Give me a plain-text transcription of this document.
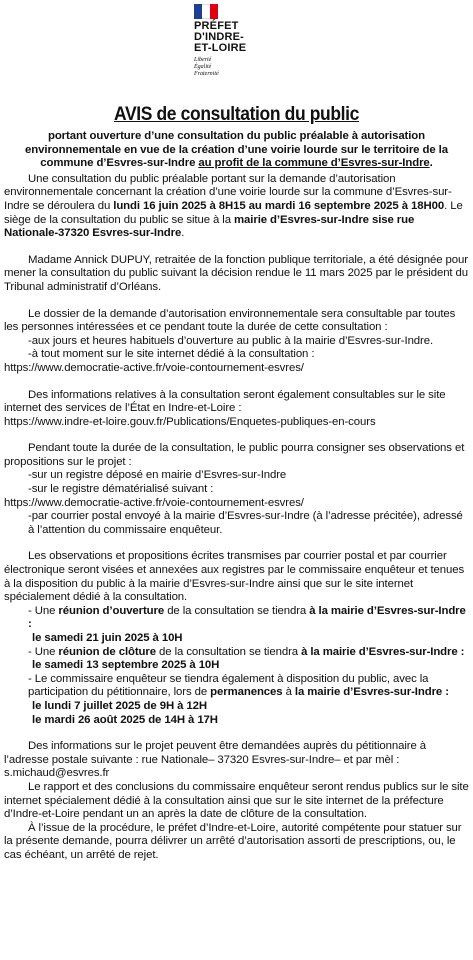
PRÉFET
D'INDRE-
ET-LOIRE
Liberté
Égalité
Fraternité
AVIS de consultation du public

portant ouverture d’une consultation du public préalable à autorisation environnementale en vue de la création d’une voirie lourde sur le territoire de la commune d’Esvres-sur-Indre au profit de la commune d’Esvres-sur-Indre.

Une consultation du public préalable portant sur la demande d’autorisation environnementale concernant la création d’une voirie lourde sur la commune d’Esvres-sur-Indre se déroulera du lundi 16 juin 2025 à 8H15 au mardi 16 septembre 2025 à 18H00. Le siège de la consultation du public se situe à la mairie d’Esvres-sur-Indre sise rue Nationale-37320 Esvres-sur-Indre.

Madame Annick DUPUY, retraitée de la fonction publique territoriale, a été désignée pour mener la consultation du public suivant la décision rendue le 11 mars 2025 par le président du Tribunal administratif d’Orléans.

Le dossier de la demande d’autorisation environnementale sera consultable par toutes les personnes intéressées et ce pendant toute la durée de cette consultation :

-aux jours et heures habituels d’ouverture au public à la mairie d’Esvres-sur-Indre.

-à tout moment sur le site internet dédié à la consultation :

https://www.democratie-active.fr/voie-contournement-esvres/

Des informations relatives à la consultation seront également consultables sur le site internet des services de l’État en Indre-et-Loire :

https://www.indre-et-loire.gouv.fr/Publications/Enquetes-publiques-en-cours

Pendant toute la durée de la consultation, le public pourra consigner ses observations et propositions sur le projet :

-sur un registre déposé en mairie d’Esvres-sur-Indre

-sur le registre dématérialisé suivant :

https://www.democratie-active.fr/voie-contournement-esvres/

-par courrier postal envoyé à la mairie d’Esvres-sur-Indre (à l’adresse précitée), adressé à l’attention du commissaire enquêteur.

Les observations et propositions écrites transmises par courrier postal et par courrier électronique seront visées et annexées aux registres par le commissaire enquêteur et tenues à la disposition du public à la mairie d’Esvres-sur-Indre ainsi que sur le site internet spécialement dédié à la consultation.

- Une réunion d’ouverture de la consultation se tiendra à la mairie d’Esvres-sur-Indre :

le samedi 21 juin 2025 à 10H

- Une réunion de clôture de la consultation se tiendra à la mairie d’Esvres-sur-Indre :

le samedi 13 septembre 2025 à 10H

- Le commissaire enquêteur se tiendra également à disposition du public, avec la participation du pétitionnaire, lors de permanences à la mairie d’Esvres-sur-Indre :

le lundi 7 juillet 2025 de 9H à 12H

le mardi 26 août 2025 de 14H à 17H

Des informations sur le projet peuvent être demandées auprès du pétitionnaire à l’adresse postale suivante : rue Nationale– 37320 Esvres-sur-Indre– et par mèl : s.michaud@esvres.fr

Le rapport et des conclusions du commissaire enquêteur seront rendus publics sur le site internet spécialement dédié à la consultation ainsi que sur le site internet de la préfecture d’Indre-et-Loire pendant un an après la date de clôture de la consultation.

À l’issue de la procédure, le préfet d’Indre-et-Loire, autorité compétente pour statuer sur la présente demande, pourra délivrer un arrêté d’autorisation assorti de prescriptions, ou, le cas échéant, un arrêté de rejet.
